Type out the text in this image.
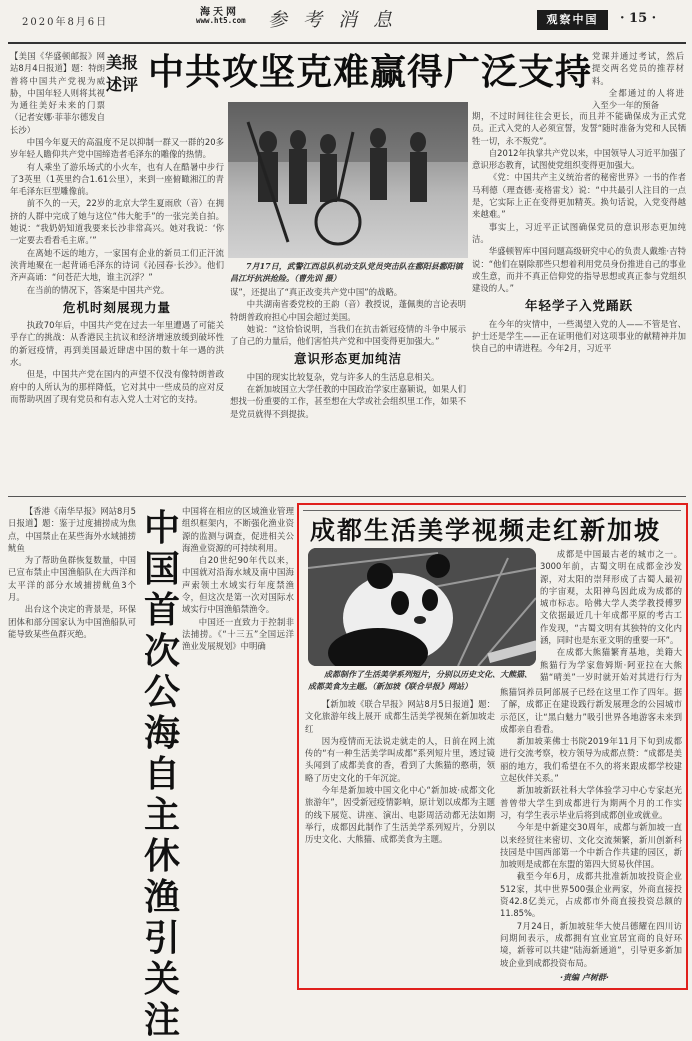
2020年8月6日
海天网
www.ht5.com 参考消息	观察中国	· 15 ·
美报述评 中共攻坚克难赢得广泛支持
【美国《华盛顿邮报》网站8月4日报道】题：特朗普将中国共产党视为威胁，中国年轻人则将其视为通往美好未来的门票（记者安娜·菲菲尔德发自长沙）

中国今年夏天的高温度不足以抑制一群又一群的20多岁年轻人瞻仰共产党中国缔造者毛泽东的雕像的热情。

有人乘坐了游乐场式的小火车，也有人在酷暑中步行了3英里（1英里约合1.61公里），来到一座俯瞰湘江的青年毛泽东巨型雕像前。

前不久的一天，22岁的北京大学生夏雨欣（音）在拥挤的人群中完成了她与这位“伟大舵手”的一张完美自拍。她说：“我奶奶知道我要来长沙非常高兴。她对我说：‘你一定要去看看毛主席。’”

在离她不远的地方，一家国有企业的新员工们正汗流浃背地聚在一起背诵毛泽东的诗词《沁园春·长沙》。他们齐声高诵：“问苍茫大地，谁主沉浮？”

在当前的情况下，答案是中国共产党。

危机时刻展现力量

执政70年后，中国共产党在过去一年里遭遇了可能关乎存亡的挑战：从香港民主抗议和经济增速放缓到破坏性的新冠疫情，再到美国最近肆虐中国的数十年一遇的洪水。

但是，中国共产党在国内的声望不仅没有像特朗普政府中的人所认为的那样降低，它对其中一些成员的应对反而帮助巩固了现有党员和有志入党人士对它的支持。

7月17日，武警江西总队机动支队党员突击队在鄱阳县鄱阳镇昌江圩抗洪抢险。（曹先训 摄）

谋”，还提出了“真正改变共产党中国”的战略。

中共湖南省委党校的王韵（音）教授说，蓬佩奥的言论表明特朗普政府担心中国会超过美国。

她说：“这恰恰说明，当我们在抗击新冠疫情的斗争中展示了自己的力量后，他们害怕共产党和中国变得更加强大。”

意识形态更加纯洁

中国的现实比较复杂，党与许多人的生活息息相关。

在新加坡国立大学任教的中国政治学家庄嘉颖说，如果人们想找一份重要的工作，甚至想在大学或社会组织里工作，如果不是党员就得不到提拔。

党课并通过考试，然后提交两名党员的推荐材料。

全都通过的人将进入至少一年的预备

期，不过时间往往会更长，而且并不能确保成为正式党员。正式入党的人必须宣誓，发誓“随时准备为党和人民牺牲一切，永不叛党”。

自2012年执掌共产党以来，中国领导人习近平加强了意识形态教育，试图使党组织变得更加强大。

《党：中国共产主义统治者的秘密世界》一书的作者马利德（理查德·麦格雷戈）说：“中共最引人注目的一点是，它实际上正在变得更加精英。换句话说，入党变得越来越难。”

事实上，习近平正试图确保党员的意识形态更加纯洁。

华盛顿智库中国问题高级研究中心的负责人戴维·吉特说：“他们在剔除那些只想着利用党员身份推进自己的事业或生意，而并不真正信仰党的指导思想或真正参与党组织建设的人。”

年轻学子入党踊跃

在今年的灾情中，一些渴望入党的人——不管是官、护士还是学生——正在证明他们对这项事业的献精神并加快自己的申请进程。今年2月，习近平

【香港《南华早报》网站8月5日报道】题：鉴于过度捕捞成为焦点，中国禁止在某些海外水域捕捞鱿鱼

为了帮助鱼群恢复数量，中国已宣布禁止中国渔船队在大西洋和太平洋的部分水域捕捞鱿鱼3个月。

出台这个决定的背景是，环保团体和部分国家认为中国渔船队可能导致某些鱼群灭绝。

中国首次公海自主休渔引关注

中国将在相应的区域渔业管理组织框架内，不断强化渔业资源的监测与调查，促进相关公海渔业资源的可持续利用。

自20世纪90年代以来，中国就对沿海水域及南中国海声索领土水域实行年度禁渔令，但这次是第一次对国际水域实行中国渔船禁渔令。

中国还一直致力于控制非法捕捞。《“十三五”全国远洋渔业发展规划》中明确

成都生活美学视频走红新加坡
成都制作了生活美学系列短片，分别以历史文化、大熊猫、成都美食为主题。（新加坡《联合早报》网站）

成都是中国最古老的城市之一。3000年前，古蜀文明在成都金沙发源，对太阳的崇拜形成了古蜀人最初的宇宙观，太阳神鸟因此成为成都的城市标志。哈佛大学人类学教授傅罗文依据最近几十年成都平原的考古工作发现，“古蜀文明有其独特的文化内涵，同时也是东亚文明的重要一环”。

在成都大熊猫繁育基地，美籍大熊猫行为学家詹姆斯·阿亚拉在大熊猫“晴美”一岁时就开始对其进行行为

【新加坡《联合早报》网站8月5日报道】题：文化旅游年线上展开 成都生活美学视频在新加坡走红

因为疫情而无法说走就走的人，日前在网上流传的“有一种生活美学叫成都”系列短片里，透过镜头闻到了成都美食的香，看到了大熊猫的憨萌，领略了历史文化的千年沉淀。

今年是新加坡中国文化中心“新加坡·成都文化旅游年”，因受新冠疫情影响，原计划以成都为主题的线下展览、讲座、演出、电影周活动都无法如期举行，成都因此制作了生活美学系列短片，分别以历史文化、大熊猫、成都美食为主题。

熊猫饲养员阿部展子已经在这里工作了四年。据了解，成都正在建设践行新发展理念的公园城市示范区，让“黑白魅力”吸引世界各地游客未来到成都亲自看看。

新加坡莱佛士书院2019年11月下旬到成都进行交流考察，校方领导为成都点赞：“成都是美丽的地方，我们希望在不久的将来跟成都学校建立起伙伴关系。”

新加坡新跃社科大学体验学习中心专家赵光普曾带大学生到成都进行为期两个月的工作实习，有学生表示毕业后将到成都创业或就业。

今年是中新建交30周年，成都与新加坡一直以来经贸往来密切、文化交流频繁，新川创新科技园是中国西部第一个中新合作共建的园区，新加坡则是成都在东盟的第四大贸易伙伴国。

截至今年6月，成都共批准新加坡投资企业512家，其中世界500强企业两家，外商直接投资42.8亿美元，占成都市外商直接投资总额的11.85%。

7月24日，新加坡驻华大使吕德耀在四川访问期间表示，成都拥有宜业宜居宜商的良好环境，新蓉可以共建“陆海新通道”，引导更多新加坡企业到成都投资布局。

·责编 卢树群·
